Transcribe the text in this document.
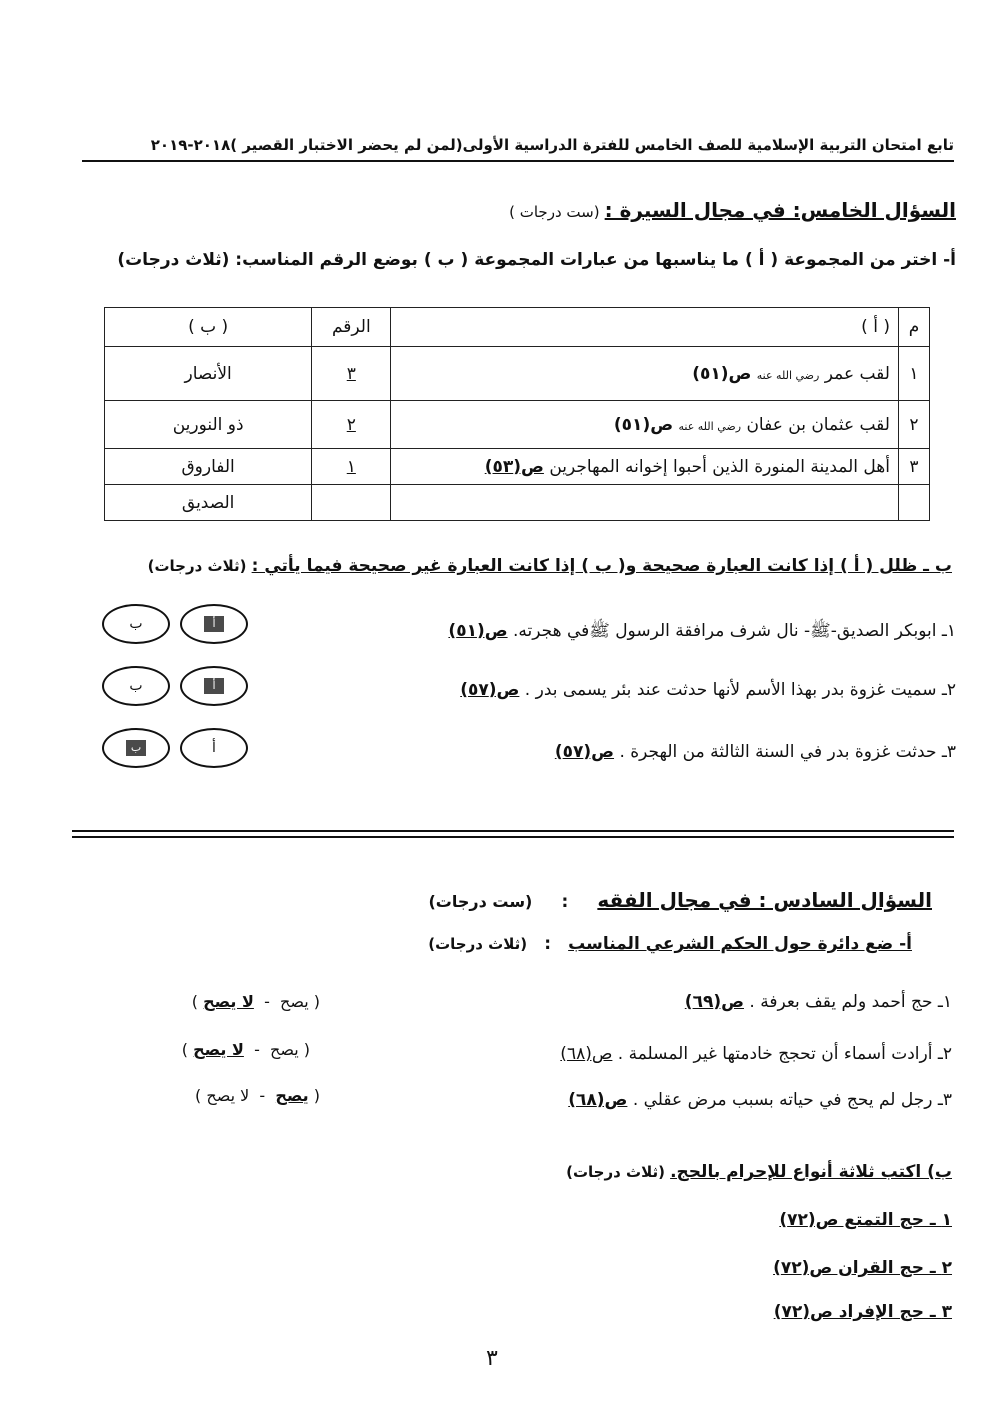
تابع امتحان التربية الإسلامية للصف الخامس للفترة الدراسية الأولى(لمن لم يحضر الاختبار القصير )٢٠١٨-٢٠١٩
السؤال الخامس: في مجال السيرة : (ست درجات )
أ- اختر من المجموعة ( أ ) ما يناسبها من عبارات المجموعة ( ب ) بوضع الرقم المناسب: (ثلاث درجات)
م	( أ )	الرقم	( ب )
١	لقب عمر رضي الله عنه ص(٥١)	٣	الأنصار
٢	لقب عثمان بن عفان رضي الله عنه ص(٥١)	٢	ذو النورين
٣	أهل المدينة المنورة الذين أحبوا إخوانه المهاجرين ص(٥٣)	١	الفاروق
			الصديق
ب ـ ظلل ( أ ) إذا كانت العبارة صحيحة و( ب ) إذا كانت العبارة غير صحيحة فيما يأتي : (ثلاث درجات)
١ـ ابوبكر الصديق-ﷺ- نال شرف مرافقة الرسول ﷺفي هجرته. ص(٥١)
أ
ب
٢ـ سميت غزوة بدر بهذا الأسم لأنها حدثت عند بئر يسمى بدر . ص(٥٧)
أ
ب
٣ـ حدثت غزوة بدر في السنة الثالثة من الهجرة . ص(٥٧)
أ
ب
السؤال السادس : في مجال الفقه : (ست درجات)
أ- ضع دائرة حول الحكم الشرعي المناسب : (ثلاث درجات)
١ـ حج أحمد ولم يقف بعرفة . ص(٦٩)
( يصح  -  لا يصح )
٢ـ أرادت أسماء أن تحجج خادمتها غير المسلمة . ص(٦٨)
( يصح  -  لا يصح )
٣ـ رجل لم يحج في حياته بسبب مرض عقلي . ص(٦٨)
( يصح  -  لا يصح )
ب) اكتب ثلاثة أنواع للإحرام بالحج. (ثلاث درجات)
١ ـ حج التمتع ص(٧٢)
٢ ـ حج القران ص(٧٢)
٣ ـ حج الإفراد ص(٧٢)
٣
